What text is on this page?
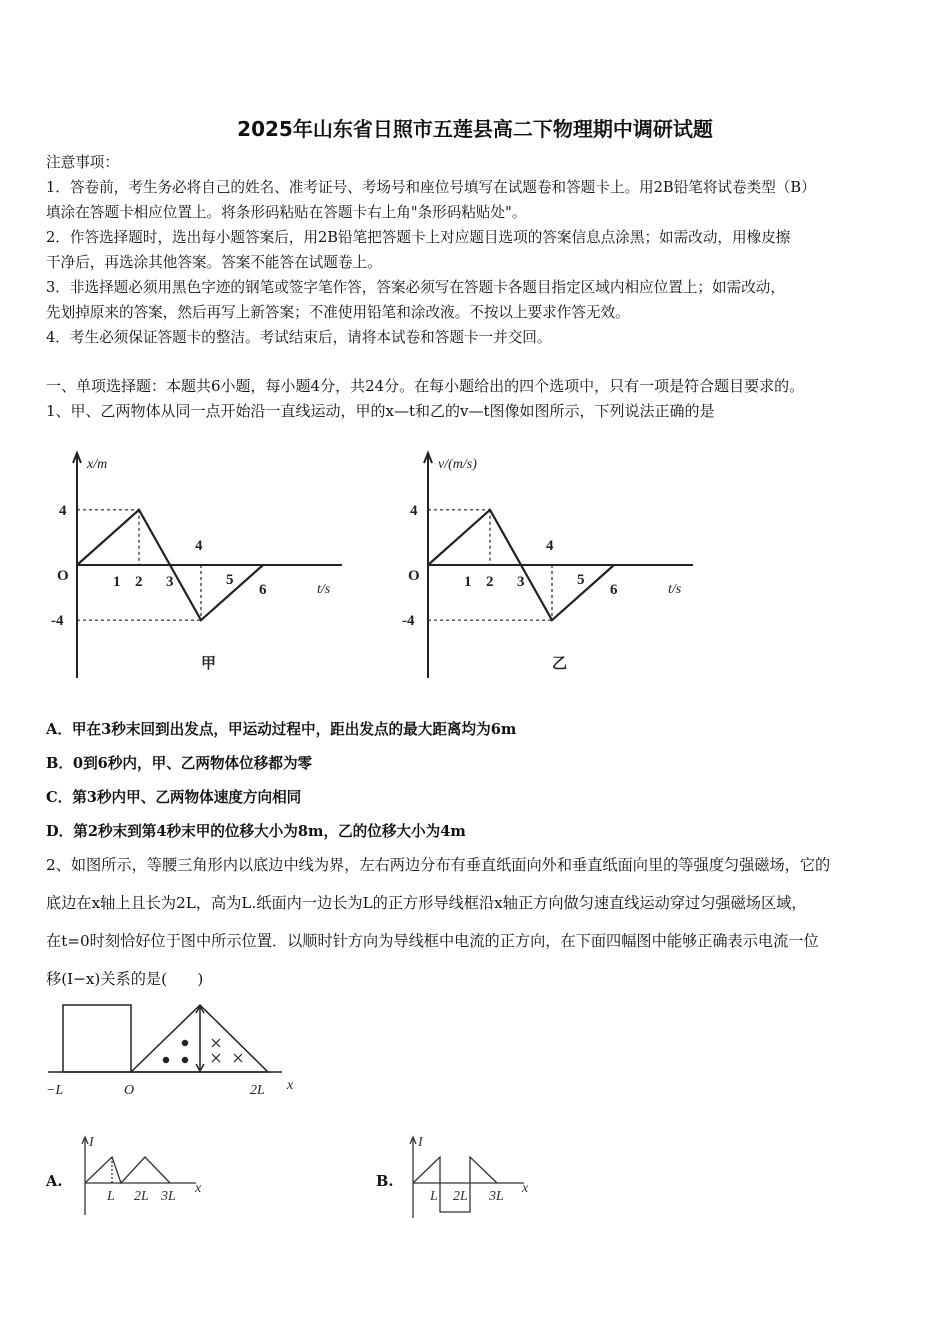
2025年山东省日照市五莲县高二下物理期中调研试题
注意事项：
1．答卷前，考生务必将自己的姓名、准考证号、考场号和座位号填写在试题卷和答题卡上。用2B铅笔将试卷类型（B）
填涂在答题卡相应位置上。将条形码粘贴在答题卡右上角"条形码粘贴处"。
2．作答选择题时，选出每小题答案后，用2B铅笔把答题卡上对应题目选项的答案信息点涂黑；如需改动，用橡皮擦
干净后，再选涂其他答案。答案不能答在试题卷上。
3．非选择题必须用黑色字迹的钢笔或签字笔作答，答案必须写在答题卡各题目指定区域内相应位置上；如需改动，
先划掉原来的答案，然后再写上新答案；不准使用铅笔和涂改液。不按以上要求作答无效。
4．考生必须保证答题卡的整洁。考试结束后，请将本试卷和答题卡一并交回。
一、单项选择题：本题共6小题，每小题4分，共24分。在每小题给出的四个选项中，只有一项是符合题目要求的。
1、甲、乙两物体从同一点开始沿一直线运动，甲的x—t和乙的v—t图像如图所示，下列说法正确的是
x/m
t/s
O
4
-4
1 2 3
4
5
6
甲
v/(m/s)
t/s
O
4
-4
1 2 3
4
5
6
乙
−L	O	2L x
I
x
L 2L 3L
I
x
L 2L 3L
A．甲在3秒末回到出发点，甲运动过程中，距出发点的最大距离均为6m
B．0到6秒内，甲、乙两物体位移都为零
C．第3秒内甲、乙两物体速度方向相同
D．第2秒末到第4秒末甲的位移大小为8m，乙的位移大小为4m
2、如图所示，等腰三角形内以底边中线为界，左右两边分布有垂直纸面向外和垂直纸面向里的等强度匀强磁场，它的
底边在x轴上且长为2L，高为L.纸面内一边长为L的正方形导线框沿x轴正方向做匀速直线运动穿过匀强磁场区域，
在t=0时刻恰好位于图中所示位置．以顺时针方向为导线框中电流的正方向，在下面四幅图中能够正确表示电流一位
移(I−x)关系的是(　　)
A.	B.
